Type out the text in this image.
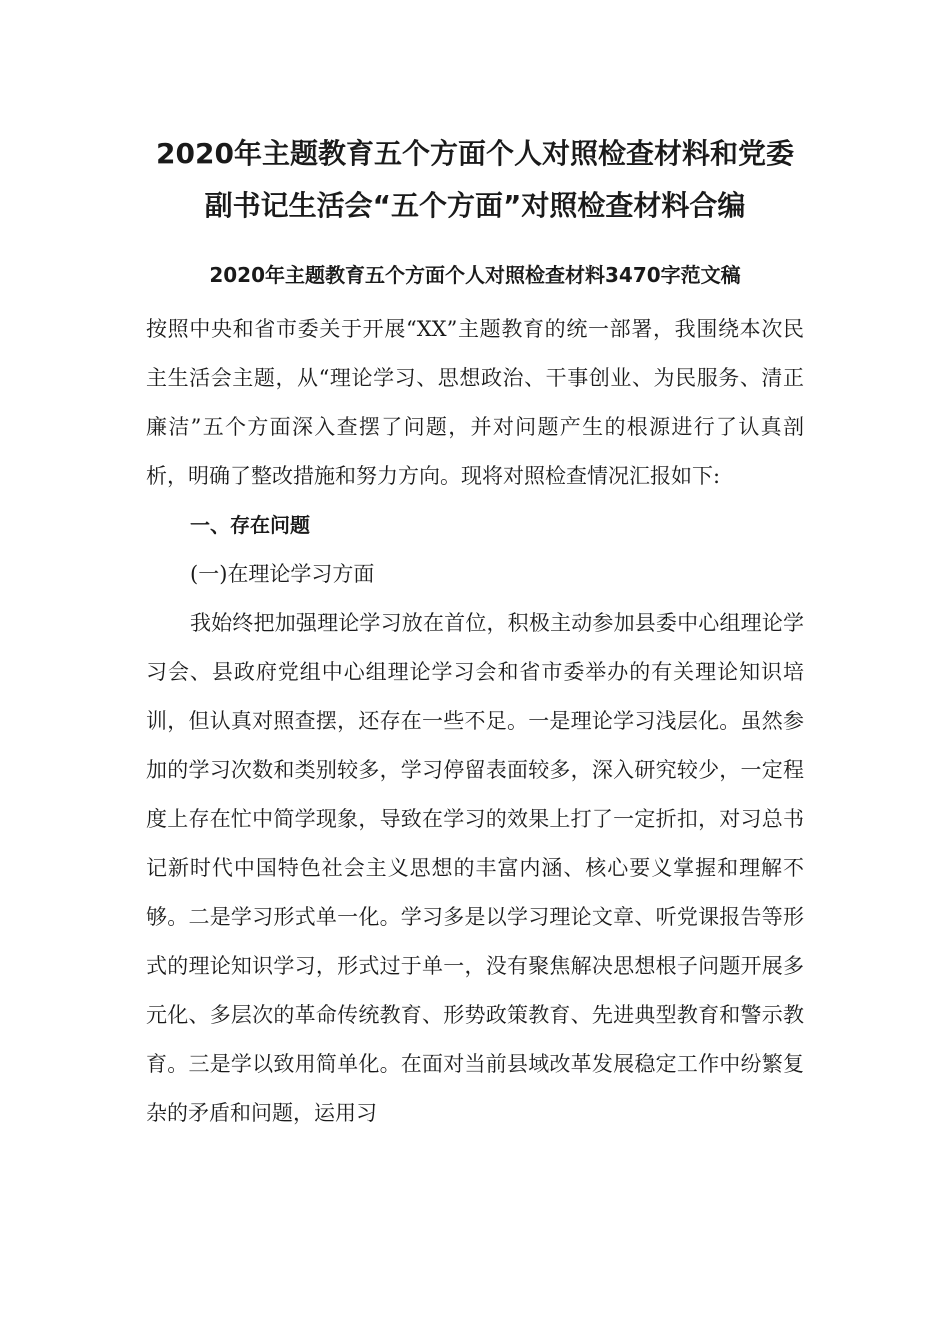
2020年主题教育五个方面个人对照检查材料和党委
副书记生活会“五个方面”对照检查材料合编
2020年主题教育五个方面个人对照检查材料3470字范文稿

按照中央和省市委关于开展“XX”主题教育的统一部署，我围绕本次民主生活会主题，从“理论学习、思想政治、干事创业、为民服务、清正廉洁”五个方面深入查摆了问题，并对问题产生的根源进行了认真剖析，明确了整改措施和努力方向。现将对照检查情况汇报如下:

一、存在问题

(一)在理论学习方面

我始终把加强理论学习放在首位，积极主动参加县委中心组理论学习会、县政府党组中心组理论学习会和省市委举办的有关理论知识培训，但认真对照查摆，还存在一些不足。一是理论学习浅层化。虽然参加的学习次数和类别较多，学习停留表面较多，深入研究较少，一定程度上存在忙中简学现象，导致在学习的效果上打了一定折扣，对习总书记新时代中国特色社会主义思想的丰富内涵、核心要义掌握和理解不够。二是学习形式单一化。学习多是以学习理论文章、听党课报告等形式的理论知识学习，形式过于单一，没有聚焦解决思想根子问题开展多元化、多层次的革命传统教育、形势政策教育、先进典型教育和警示教育。三是学以致用简单化。在面对当前县域改革发展稳定工作中纷繁复杂的矛盾和问题，运用习
